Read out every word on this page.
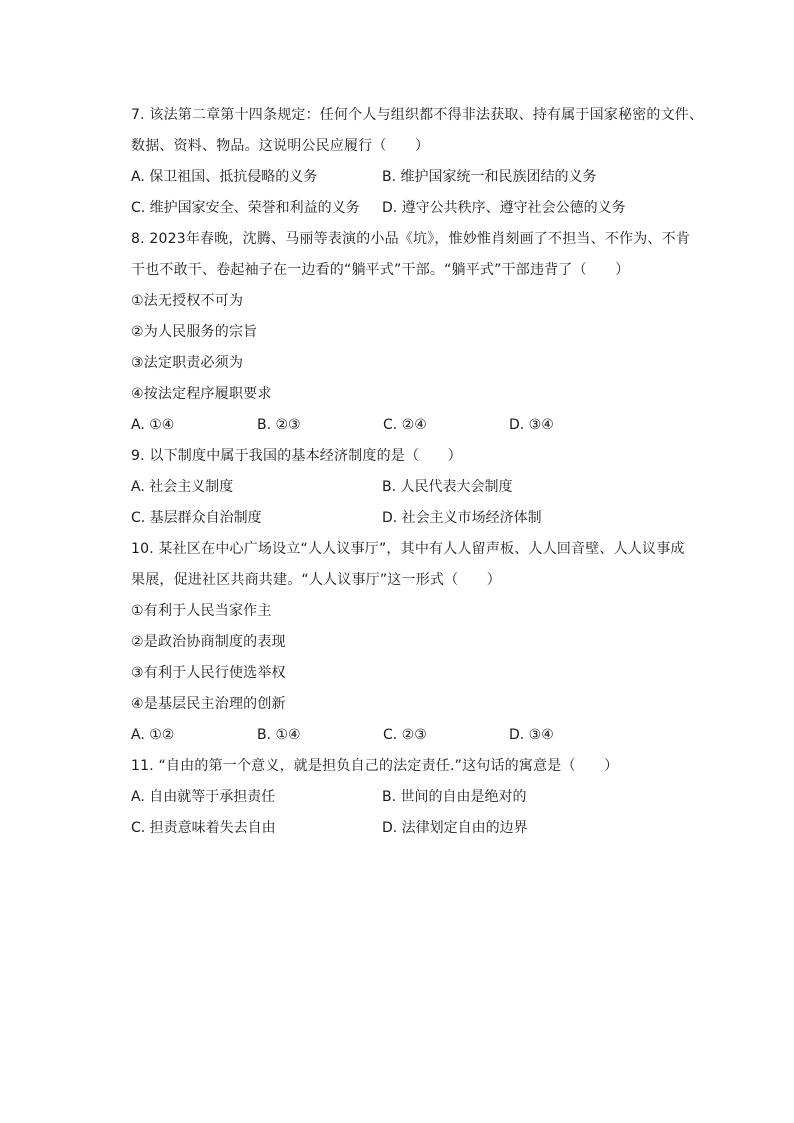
7. 该法第二章第十四条规定：任何个人与组织都不得非法获取、持有属于国家秘密的文件、
数据、资料、物品。这说明公民应履行（　　）
A. 保卫祖国、抵抗侵略的义务	B. 维护国家统一和民族团结的义务
C. 维护国家安全、荣誉和利益的义务	D. 遵守公共秩序、遵守社会公德的义务
8. 2023年春晚，沈腾、马丽等表演的小品《坑》，惟妙惟肖刻画了不担当、不作为、不肯
干也不敢干、卷起袖子在一边看的“躺平式”干部。“躺平式”干部违背了（　　）
①法无授权不可为
②为人民服务的宗旨
③法定职责必须为
④按法定程序履职要求
A. ①④	B. ②③	C. ②④	D. ③④
9. 以下制度中属于我国的基本经济制度的是（　　）
A. 社会主义制度	B. 人民代表大会制度
C. 基层群众自治制度	D. 社会主义市场经济体制
10. 某社区在中心广场设立“人人议事厅”，其中有人人留声板、人人回音壁、人人议事成
果展，促进社区共商共建。“人人议事厅”这一形式（　　）
①有利于人民当家作主
②是政治协商制度的表现
③有利于人民行使选举权
④是基层民主治理的创新
A. ①②	B. ①④	C. ②③	D. ③④
11. “自由的第一个意义，就是担负自己的法定责任.”这句话的寓意是（　　）
A. 自由就等于承担责任	B. 世间的自由是绝对的
C. 担责意味着失去自由	D. 法律划定自由的边界
